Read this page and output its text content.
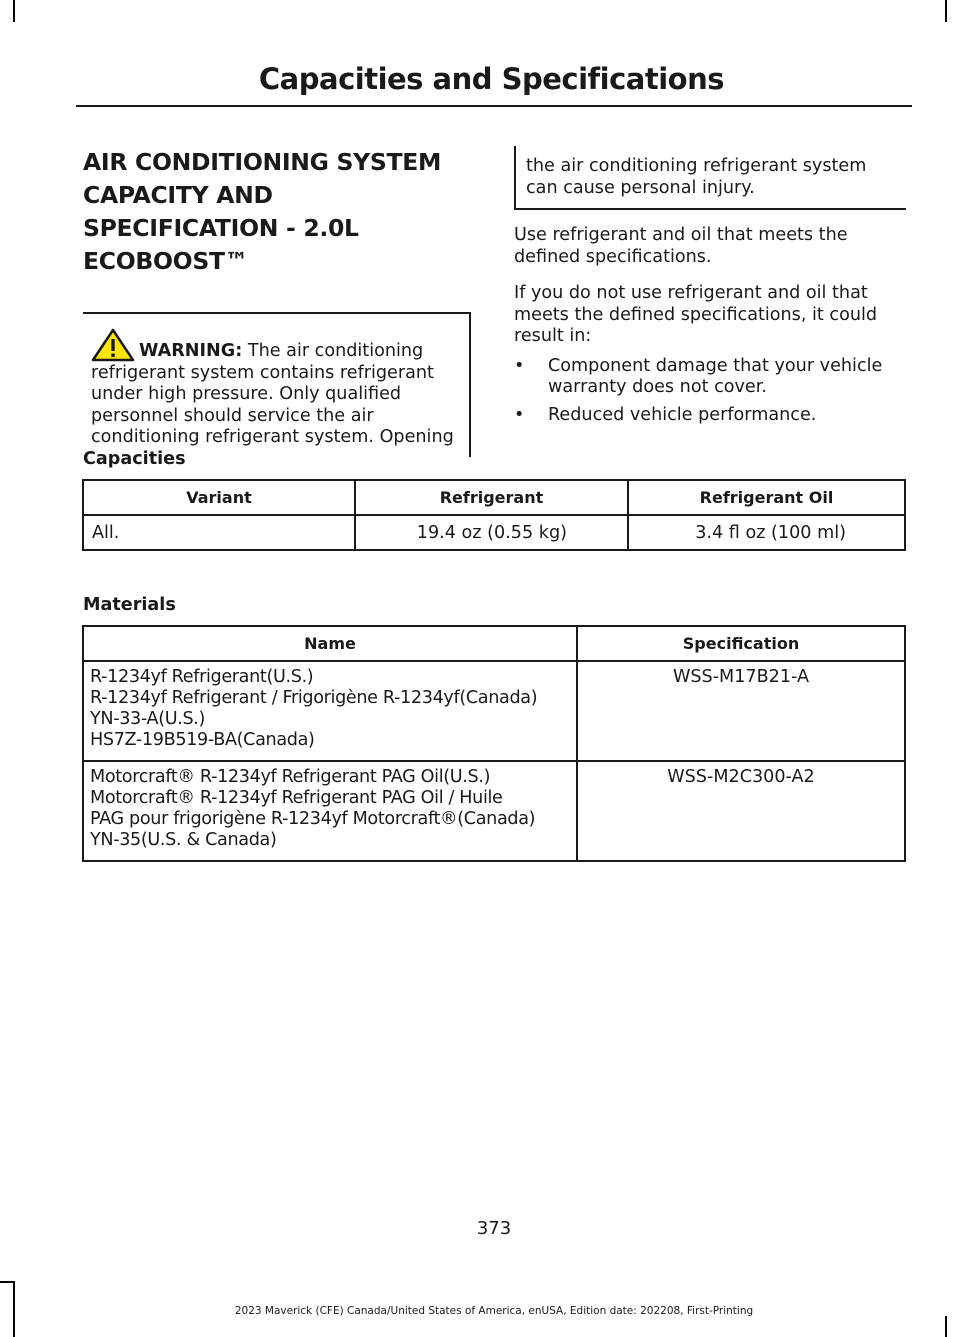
Capacities and Specifications
AIR CONDITIONING SYSTEM
CAPACITY AND
SPECIFICATION - 2.0L
ECOBOOST™
WARNING: The air conditioning refrigerant system contains refrigerant under high pressure. Only qualified personnel should service the air conditioning refrigerant system. Opening
the air conditioning refrigerant system can cause personal injury.

Use refrigerant and oil that meets the defined specifications.

If you do not use refrigerant and oil that meets the defined specifications, it could result in:

• Component damage that your vehicle warranty does not cover.
• Reduced vehicle performance.
Capacities
Variant	Refrigerant	Refrigerant Oil
All.	19.4 oz (0.55 kg)	3.4 fl oz (100 ml)
Materials
Name	Specification

R-1234yf Refrigerant(U.S.)
R-1234yf Refrigerant / Frigorigène R-1234yf(Canada)
YN-33-A(U.S.)
HS7Z-19B519-BA(Canada)	WSS-M17B21-A

Motorcraft® R-1234yf Refrigerant PAG Oil(U.S.)
Motorcraft® R-1234yf Refrigerant PAG Oil / Huile
PAG pour frigorigène R-1234yf Motorcraft®(Canada)
YN-35(U.S. & Canada)	WSS-M2C300-A2
373
2023 Maverick (CFE) Canada/United States of America, enUSA, Edition date: 202208, First-Printing
